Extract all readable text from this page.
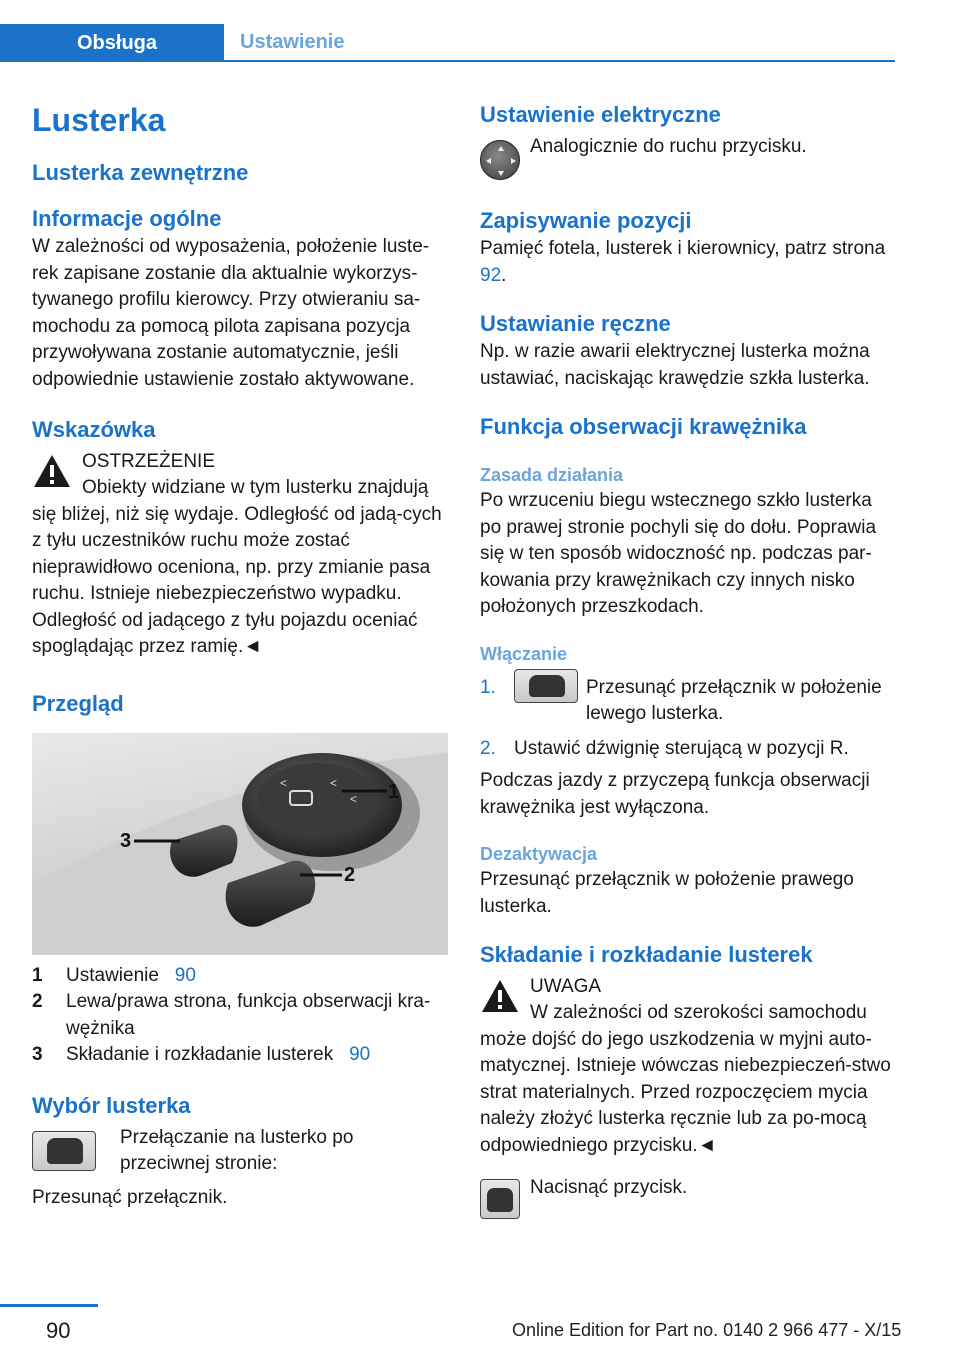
Obsługa	Ustawienie
Lusterka
Lusterka zewnętrzne
Informacje ogólne

W zależności od wyposażenia, położenie luste-rek zapisane zostanie dla aktualnie wykorzys-tywanego profilu kierowcy. Przy otwieraniu sa-mochodu za pomocą pilota zapisana pozycja przywoływana zostanie automatycznie, jeśli odpowiednie ustawienie zostało aktywowane.

Wskazówka
OSTRZEŻENIE

Obiekty widziane w tym lusterku znajdują się bliżej, niż się wydaje. Odległość od jadą-cych z tyłu uczestników ruchu może zostać nieprawidłowo oceniona, np. przy zmianie pasa ruchu. Istnieje niebezpieczeństwo wypadku. Odległość od jadącego z tyłu pojazdu oceniać spoglądając przez ramię.◄

Przegląd
<	<
< 1
2
3
1	Ustawienie 90
2	Lewa/prawa strona, funkcja obserwacji kra-wężnika
3	Składanie i rozkładanie lusterek 90
Wybór lusterka

Przełączanie na lusterko po przeciwnej stronie:

Przesunąć przełącznik.

Ustawienie elektryczne

Analogicznie do ruchu przycisku.

Zapisywanie pozycji

Pamięć fotela, lusterek i kierownicy, patrz strona 92.

Ustawianie ręczne

Np. w razie awarii elektrycznej lusterka można ustawiać, naciskając krawędzie szkła lusterka.

Funkcja obserwacji krawężnika
Zasada działania

Po wrzuceniu biegu wstecznego szkło lusterka po prawej stronie pochyli się do dołu. Poprawia się w ten sposób widoczność np. podczas par-kowania przy krawężnikach czy innych nisko położonych przeszkodach.

Włączanie
1.	Przesunąć przełącznik w położenie lewego lusterka.
2. Ustawić dźwignię sterującą w pozycji R.

Podczas jazdy z przyczepą funkcja obserwacji krawężnika jest wyłączona.

Dezaktywacja

Przesunąć przełącznik w położenie prawego lusterka.

Składanie i rozkładanie lusterek
UWAGA

W zależności od szerokości samochodu może dojść do jego uszkodzenia w myjni auto-matycznej. Istnieje wówczas niebezpieczeń-stwo strat materialnych. Przed rozpoczęciem mycia należy złożyć lusterka ręcznie lub za po-mocą odpowiedniego przycisku.◄

Nacisnąć przycisk.

90	Online Edition for Part no. 0140 2 966 477 - X/15
